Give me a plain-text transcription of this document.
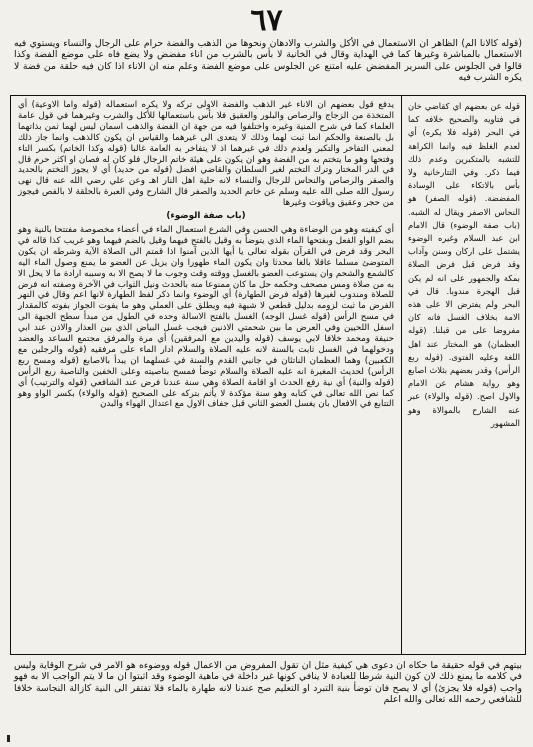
٦٧
(قوله كالانا الم) الظاهر ان الاستعمال في الأكل والشرب والادهان ونحوها من الذهب والفضة حرام على الرجال والنساء ويستوي فيه الاستعمال بالمباشرة وغيرها كما في الهداية وقال في الخانية لا بأس بالشرب من اناء مفضض ولا يضع فاه على موضع الفضة وكذا قالوا في الجلوس على السرير المفضض عليه امتنع عن الجلوس على موضع الفضة وعلم منه ان الاناء اذا كان فيه حلقة من فضة لا يكره الشرب فيه

يدفع قول بعضهم ان الاناء غير الذهب والفضة الاولى تركه ولا يكره استعماله (قوله واما الاوعية) أي المتخذة من الزجاج والرصاص والبلور والعقيق فلا بأس باستعمالها للأكل والشرب وغيرهما في قول عامة العلماء كما في شرح المنية وغيره واختلفوا فيه من جهة ان الفضة والذهب اسمان ليس لهما ثمن بذاتهما بل بالصنعة والحكم انما ثبت لهما وذلك لا يتعدى الى غيرهما والقياس ان يكون كالذهب وانما جاز ذلك لمعنى التفاخر والتكبر ولعدم ذلك في غيرهما اذ لا يتفاخر به العامة غالبا (قوله وكذا الخاتم) بكسر التاء وفتحها وهو ما يتختم به من الفضة وهو ان يكون على هيئة خاتم الرجال فلو كان له فصان او اكثر حرم قال في الدر المختار وترك التختم لغير السلطان والقاضي افضل (قوله من حديد) أي لا يجوز التختم بالحديد والصفر والرصاص والنحاس للرجال والنساء لانه حلية اهل النار اهـ وعن علي رضي الله عنه قال نهى رسول الله صلى الله عليه وسلم عن خاتم الحديد والصفر قال الشارح وفي العبرة بالحلقة لا بالفص فيجوز من حجر وعقيق وياقوت وغيرها

(باب صفة الوضوء)

أي كيفيته وهو من الوضاءة وهي الحسن وفي الشرع استعمال الماء في أعضاء مخصوصة مفتتحا بالنية وهو بضم الواو الفعل وبفتحها الماء الذي يتوضأ به وقيل بالفتح فيهما وقيل بالضم فيهما وهو غريب كذا قاله في البحر وقد فرض في القرآن بقوله تعالى يا أيها الذين آمنوا اذا قمتم الى الصلاة الآية وشرطه ان يكون المتوضئ مسلما عاقلا بالغا محدثا وان يكون الماء طهورا وان يزيل عن العضو ما يمنع وصول الماء اليه كالشمع والشحم وان يستوعب العضو بالغسل ووقته وقت وجوب ما لا يصح الا به وسببه ارادة ما لا يحل الا به من صلاة ومس مصحف وحكمه حل ما كان ممنوعا منه بالحدث ونيل الثواب في الآخرة وصفته انه فرض للصلاة ومندوب لغيرها (قوله فرض الطهارة) أي الوضوء وانما ذكر لفظ الطهارة لانها اعم وقال في النهر الفرض ما ثبت لزومه بدليل قطعي لا شبهة فيه ويطلق على العملي وهو ما يفوت الجواز بفوته كالمقدار في مسح الرأس (قوله غسل الوجه) الغسل بالفتح الاسالة وحده في الطول من مبدأ سطح الجبهة الى اسفل اللحيين وفي العرض ما بين شحمتي الاذنين فيجب غسل البياض الذي بين العذار والاذن عند ابي حنيفة ومحمد خلافا لابي يوسف (قوله واليدين مع المرفقين) أي مرة والمرفق مجتمع الساعد والعضد ودخولهما في الغسل ثابت بالسنة لانه عليه الصلاة والسلام ادار الماء على مرفقيه (قوله والرجلين مع الكعبين) وهما العظمان الناتئان في جانبي القدم والسنة في غسلهما ان يبدأ بالاصابع (قوله ومسح ربع الرأس) لحديث المغيرة انه عليه الصلاة والسلام توضأ فمسح بناصيته وعلى الخفين والناصية ربع الرأس (قوله والنية) أي نية رفع الحدث او اقامة الصلاة وهي سنة عندنا فرض عند الشافعي (قوله والترتيب) أي كما نص الله تعالى في كتابه وهو سنة مؤكدة لا يأثم بتركه على الصحيح (قوله والولاء) بكسر الواو وهو التتابع في الافعال بان يغسل العضو الثاني قبل جفاف الاول مع اعتدال الهواء والبدن

قوله عن بعضهم اي كقاضي خان في فتاويه والصحيح خلافه كما في البحر (قوله فلا يكره) أي لعدم الغلظ فيه وانما الكراهة للتشبه بالمتكبرين وعدم ذلك فيما ذكر. وفي التتارخانية ولا بأس بالاتكاء على الوسادة المفضضة. (قوله الصفر) هو النحاس الاصفر ويقال له الشبه. (باب صفة الوضوء) قال الامام ابن عبد السلام وغيره الوضوء يشتمل على اركان وسنن وآداب وقد فرض قبل فرض الصلاة بمكة والجمهور على انه لم يكن قبل الهجرة مندوبا. قال في البحر ولم يفترض الا على هذه الامة بخلاف الغسل فانه كان مفروضا على من قبلنا. (قوله العظمان) هو المختار عند اهل اللغة وعليه الفتوى. (قوله ربع الرأس) وقدر بعضهم بثلاث اصابع وهو رواية هشام عن الامام والاول اصح. (قوله والولاء) عبر عنه الشارح بالموالاة وهو المشهور

بيتهم في قوله حقيقة ما حكاه ان دعوى هي كيفية مثل ان تقول المفروض من الاعمال قوله ووضوءه هو الامر في شرح الوقاية وليس في كلامه ما يمنع ذلك لان كون النية شرطا للعبادة لا ينافي كونها غير داخلة في ماهية الوضوء وقد اثبتوا ان ما لا يتم الواجب الا به فهو واجب (قوله فلا يجزئ) أي لا يصح فان توضأ بنية التبرد او التعليم صح عندنا لانه طهارة بالماء فلا تفتقر الى النية كازالة النجاسة خلافا للشافعي رحمه الله تعالى والله اعلم
